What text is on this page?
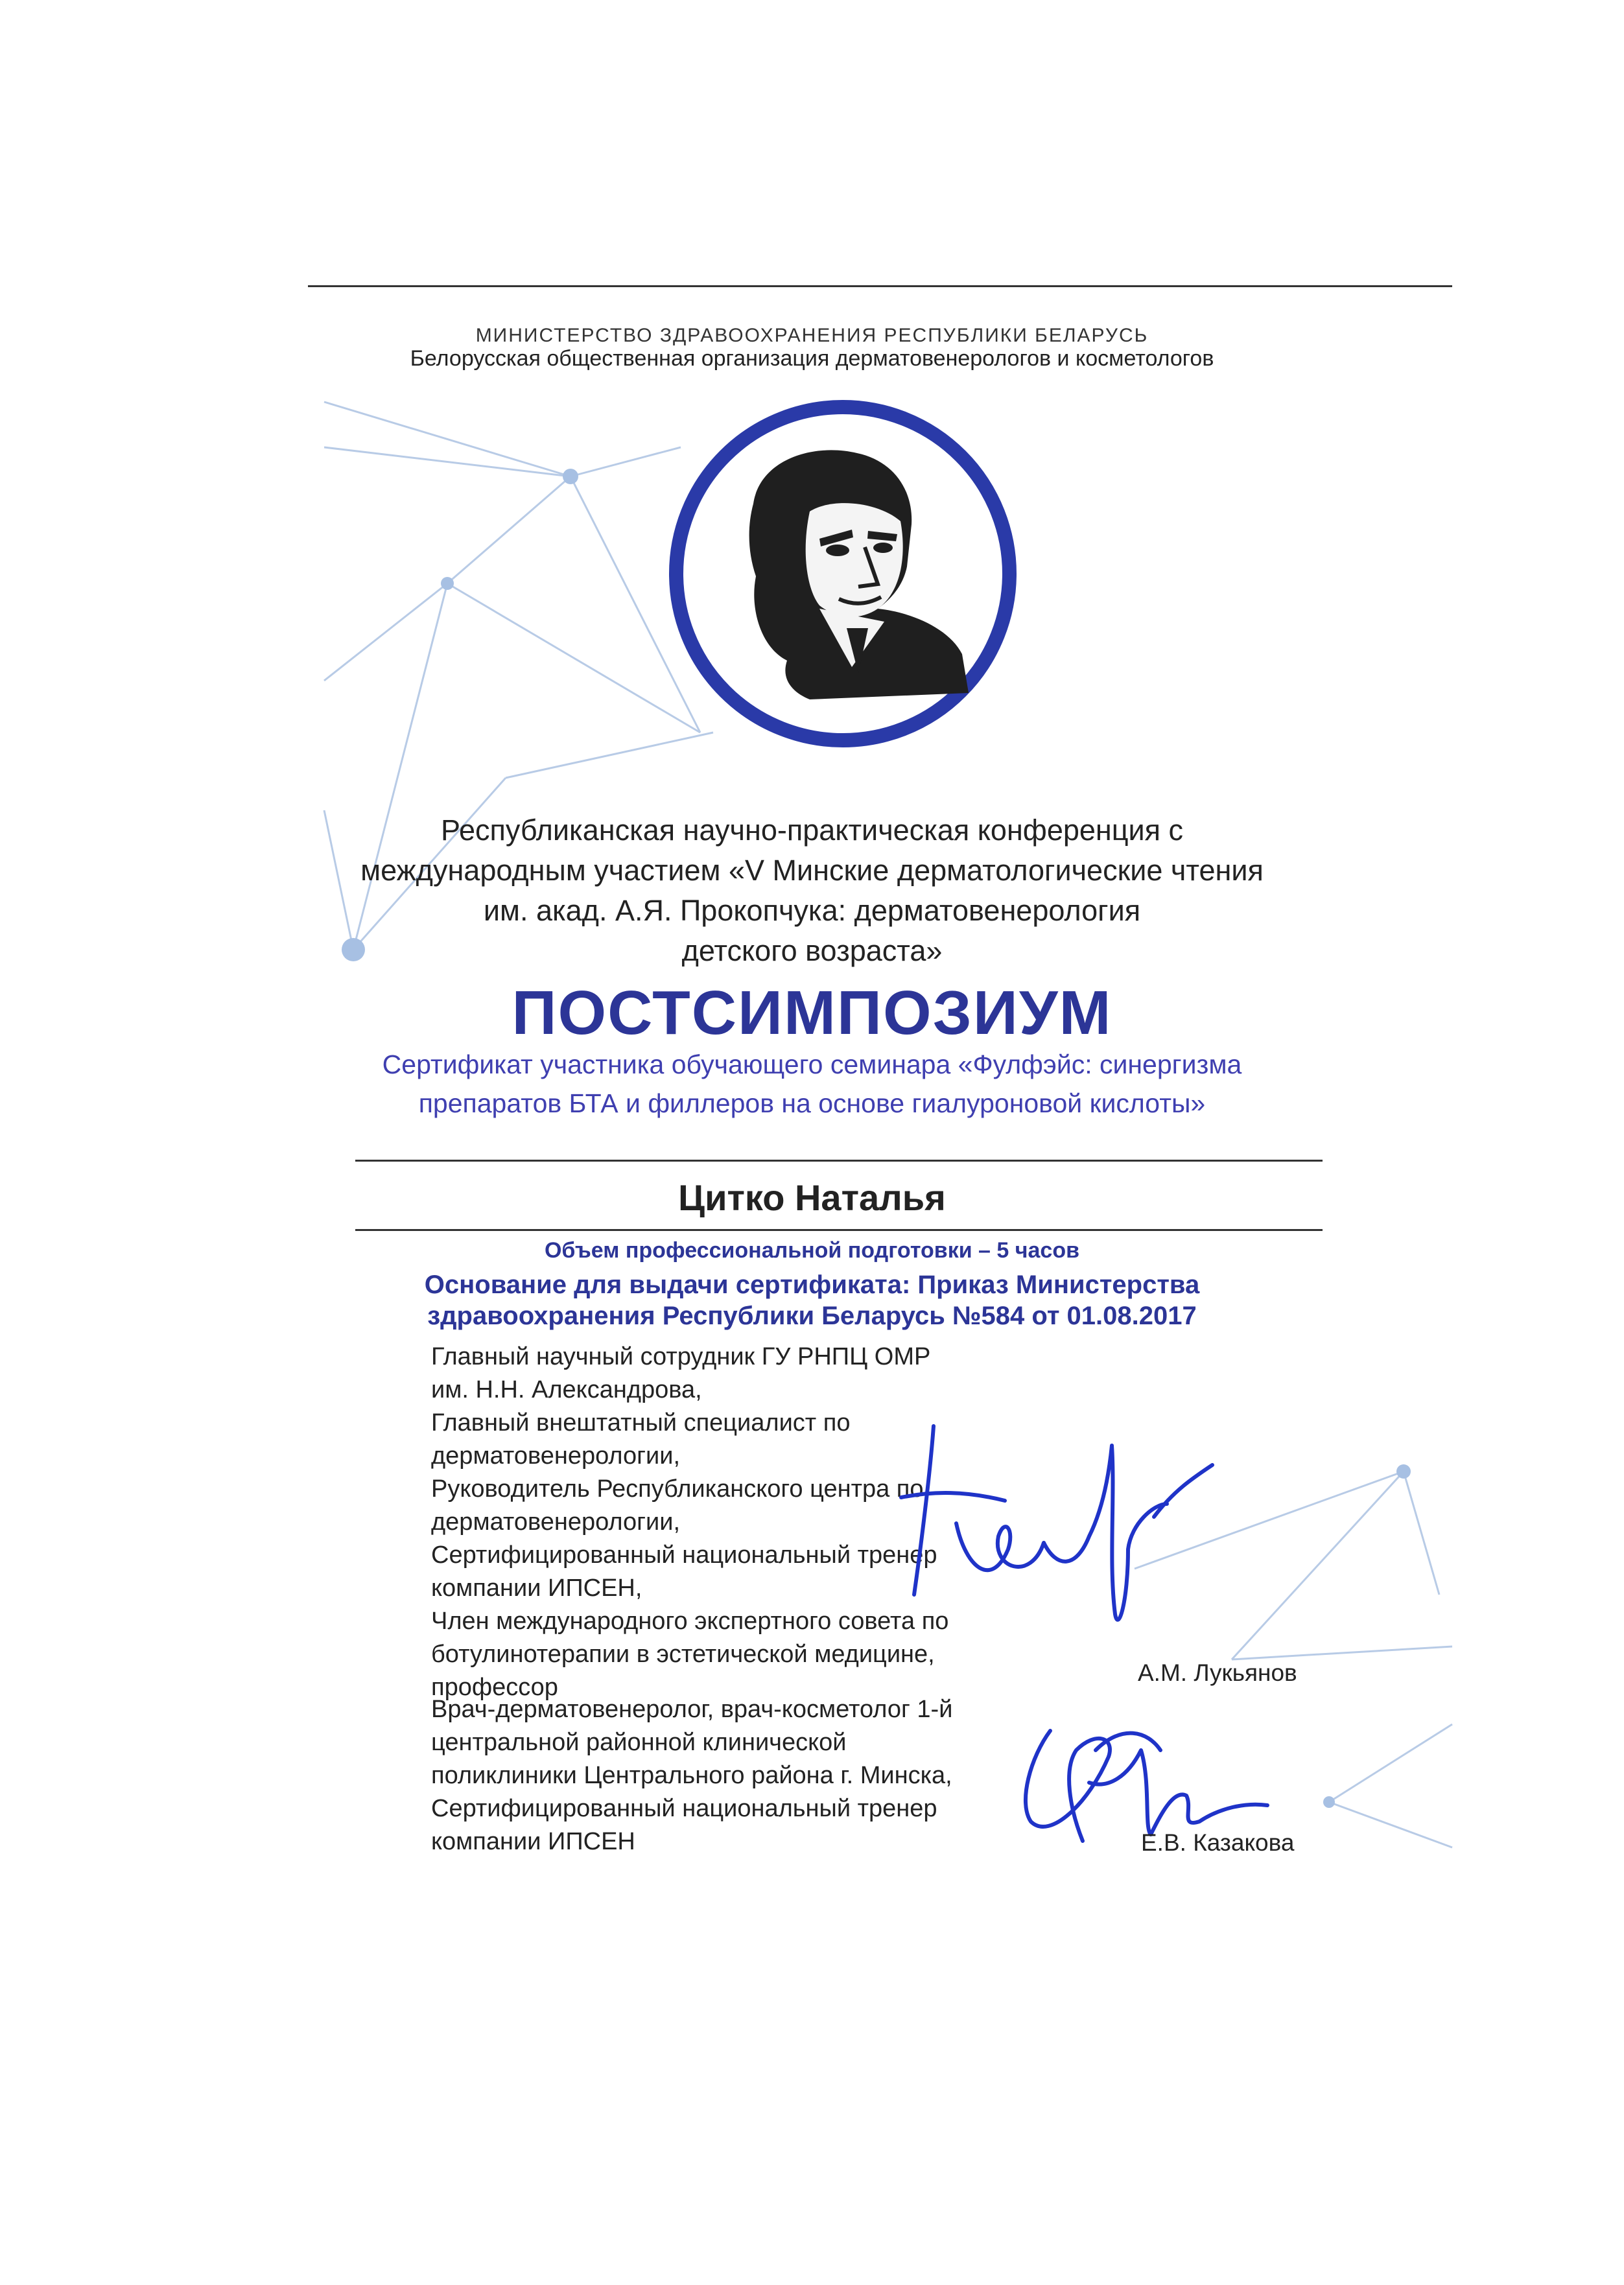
МИНИСТЕРСТВО ЗДРАВООХРАНЕНИЯ РЕСПУБЛИКИ БЕЛАРУСЬ
Белорусская общественная организация дерматовенерологов и косметологов
Республиканская научно-практическая конференция с
международным участием «V Минские дерматологические чтения
им. акад. А.Я. Прокопчука: дерматовенерология
детского возраста»
ПОСТСИМПОЗИУМ
Сертификат участника обучающего семинара «Фулфэйс: синергизма
препаратов БТА и филлеров на основе гиалуроновой кислоты»
Цитко Наталья
Объем профессиональной подготовки – 5 часов
Основание для выдачи сертификата: Приказ Министерства
здравоохранения Республики Беларусь №584 от 01.08.2017
Главный научный сотрудник ГУ РНПЦ ОМР
им. Н.Н. Александрова,
Главный внештатный специалист по
дерматовенерологии,
Руководитель Республиканского центра по
дерматовенерологии,
Сертифицированный национальный тренер
компании ИПСЕН,
Член международного экспертного совета по
ботулинотерапии в эстетической медицине,
профессор
А.М. Лукьянов
Врач-дерматовенеролог, врач-косметолог 1-й
центральной районной клинической
поликлиники Центрального района г. Минска,
Сертифицированный национальный тренер
компании ИПСЕН	Е.В. Казакова
